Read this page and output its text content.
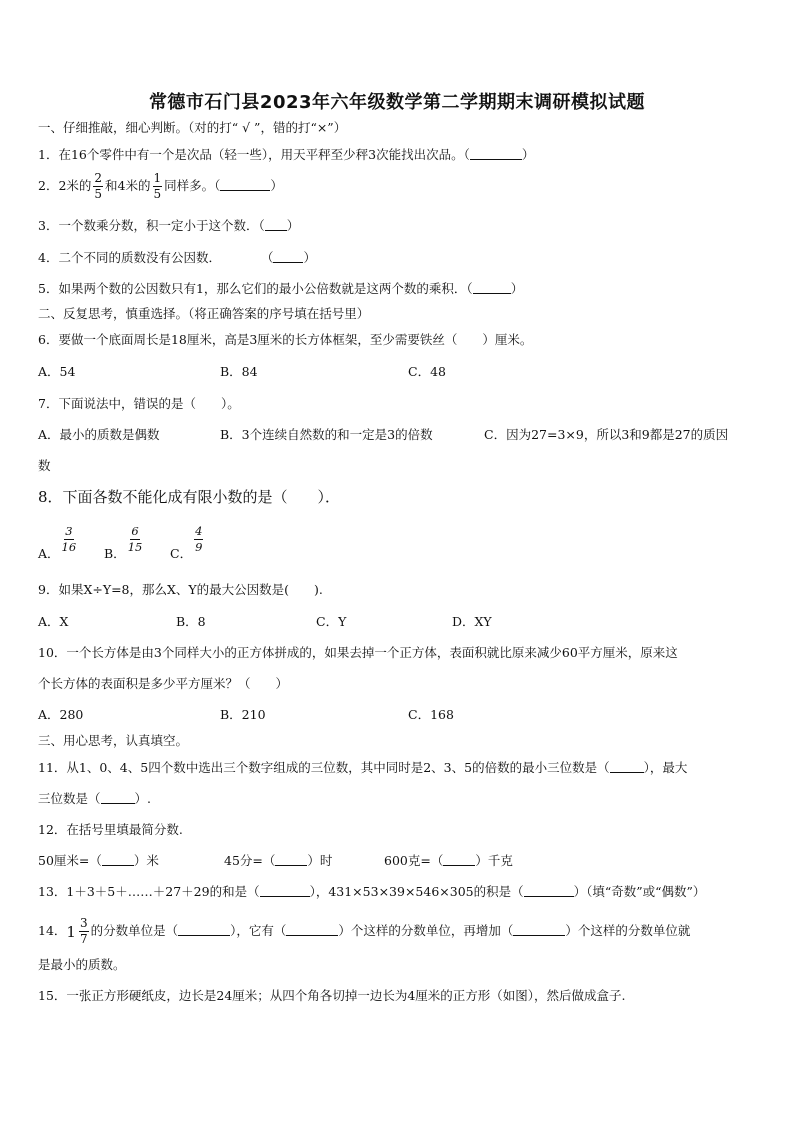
常德市石门县2023年六年级数学第二学期期末调研模拟试题
一、仔细推敲，细心判断。（对的打“ √ ”，错的打“×”）
1．在16个零件中有一个是次品（轻一些），用天平秤至少秤3次能找出次品。（	）
2．2米的 $\frac{2}{5}$ 和4米的 $\frac{1}{5}$ 同样多。（	）
3．一个数乘分数，积一定小于这个数．（ ）
4．二个不同的质数没有公因数．	（ ）
5．如果两个数的公因数只有1，那么它们的最小公倍数就是这两个数的乘积．（	）
二、反复思考，慎重选择。（将正确答案的序号填在括号里）
6．要做一个底面周长是18厘米，高是3厘米的长方体框架，至少需要铁丝（　　）厘米。
A．54	B．84	C．48
7．下面说法中，错误的是（　　）。
A．最小的质数是偶数	B．3个连续自然数的和一定是3的倍数	C．因为27=3×9，所以3和9都是27的质因
数
8．下面各数不能化成有限小数的是（　　）．
A． $\frac{3}{16}$ B． $\frac{6}{15}$ C． $\frac{4}{9}$
9．如果X÷Y=8，那么X、Y的最大公因数是(　　).
A．X	B．8	C．Y	D．XY
10．一个长方体是由3个同样大小的正方体拼成的，如果去掉一个正方体，表面积就比原来减少60平方厘米，原来这
个长方体的表面积是多少平方厘米？（　　）
A．280	B．210	C．168
三、用心思考，认真填空。
11．从1、0、4、5四个数中选出三个数字组成的三位数，其中同时是2、3、5的倍数的最小三位数是（	），最大
三位数是（	）.
12．在括号里填最简分数.
50厘米=（	）米	45分=（	）时	600克=（	）千克
13．1＋3＋5＋……＋27＋29的和是（	），431×53×39×546×305的积是（	）（填“奇数”或“偶数”）
14． $1 \frac{3}{7}$ 的分数单位是（	），它有（	）个这样的分数单位，再增加（	）个这样的分数单位就
是最小的质数。
15．一张正方形硬纸皮，边长是24厘米；从四个角各切掉一边长为4厘米的正方形（如图），然后做成盒子.
